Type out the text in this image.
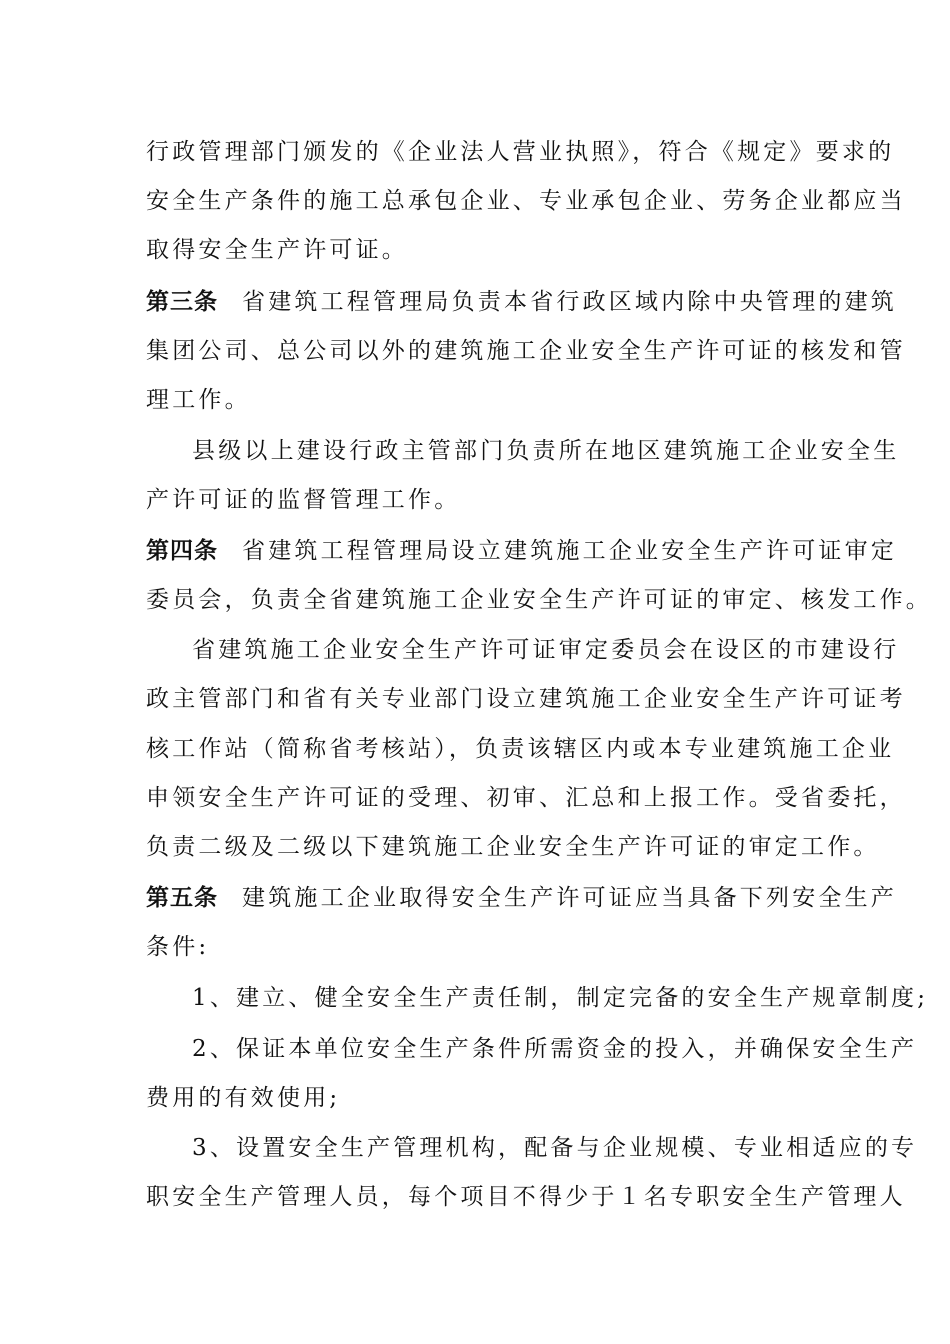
行政管理部门颁发的《企业法人营业执照》，符合《规定》要求的
安全生产条件的施工总承包企业、专业承包企业、劳务企业都应当
取得安全生产许可证。
第三条 省建筑工程管理局负责本省行政区域内除中央管理的建筑
集团公司、总公司以外的建筑施工企业安全生产许可证的核发和管
理工作。
县级以上建设行政主管部门负责所在地区建筑施工企业安全生
产许可证的监督管理工作。
第四条 省建筑工程管理局设立建筑施工企业安全生产许可证审定
委员会，负责全省建筑施工企业安全生产许可证的审定、核发工作。
省建筑施工企业安全生产许可证审定委员会在设区的市建设行
政主管部门和省有关专业部门设立建筑施工企业安全生产许可证考
核工作站（简称省考核站），负责该辖区内或本专业建筑施工企业
申领安全生产许可证的受理、初审、汇总和上报工作。受省委托，
负责二级及二级以下建筑施工企业安全生产许可证的审定工作。
第五条 建筑施工企业取得安全生产许可证应当具备下列安全生产
条件:
1、建立、健全安全生产责任制，制定完备的安全生产规章制度;
2、保证本单位安全生产条件所需资金的投入，并确保安全生产
费用的有效使用;
3、设置安全生产管理机构，配备与企业规模、专业相适应的专
职安全生产管理人员，每个项目不得少于１名专职安全生产管理人
